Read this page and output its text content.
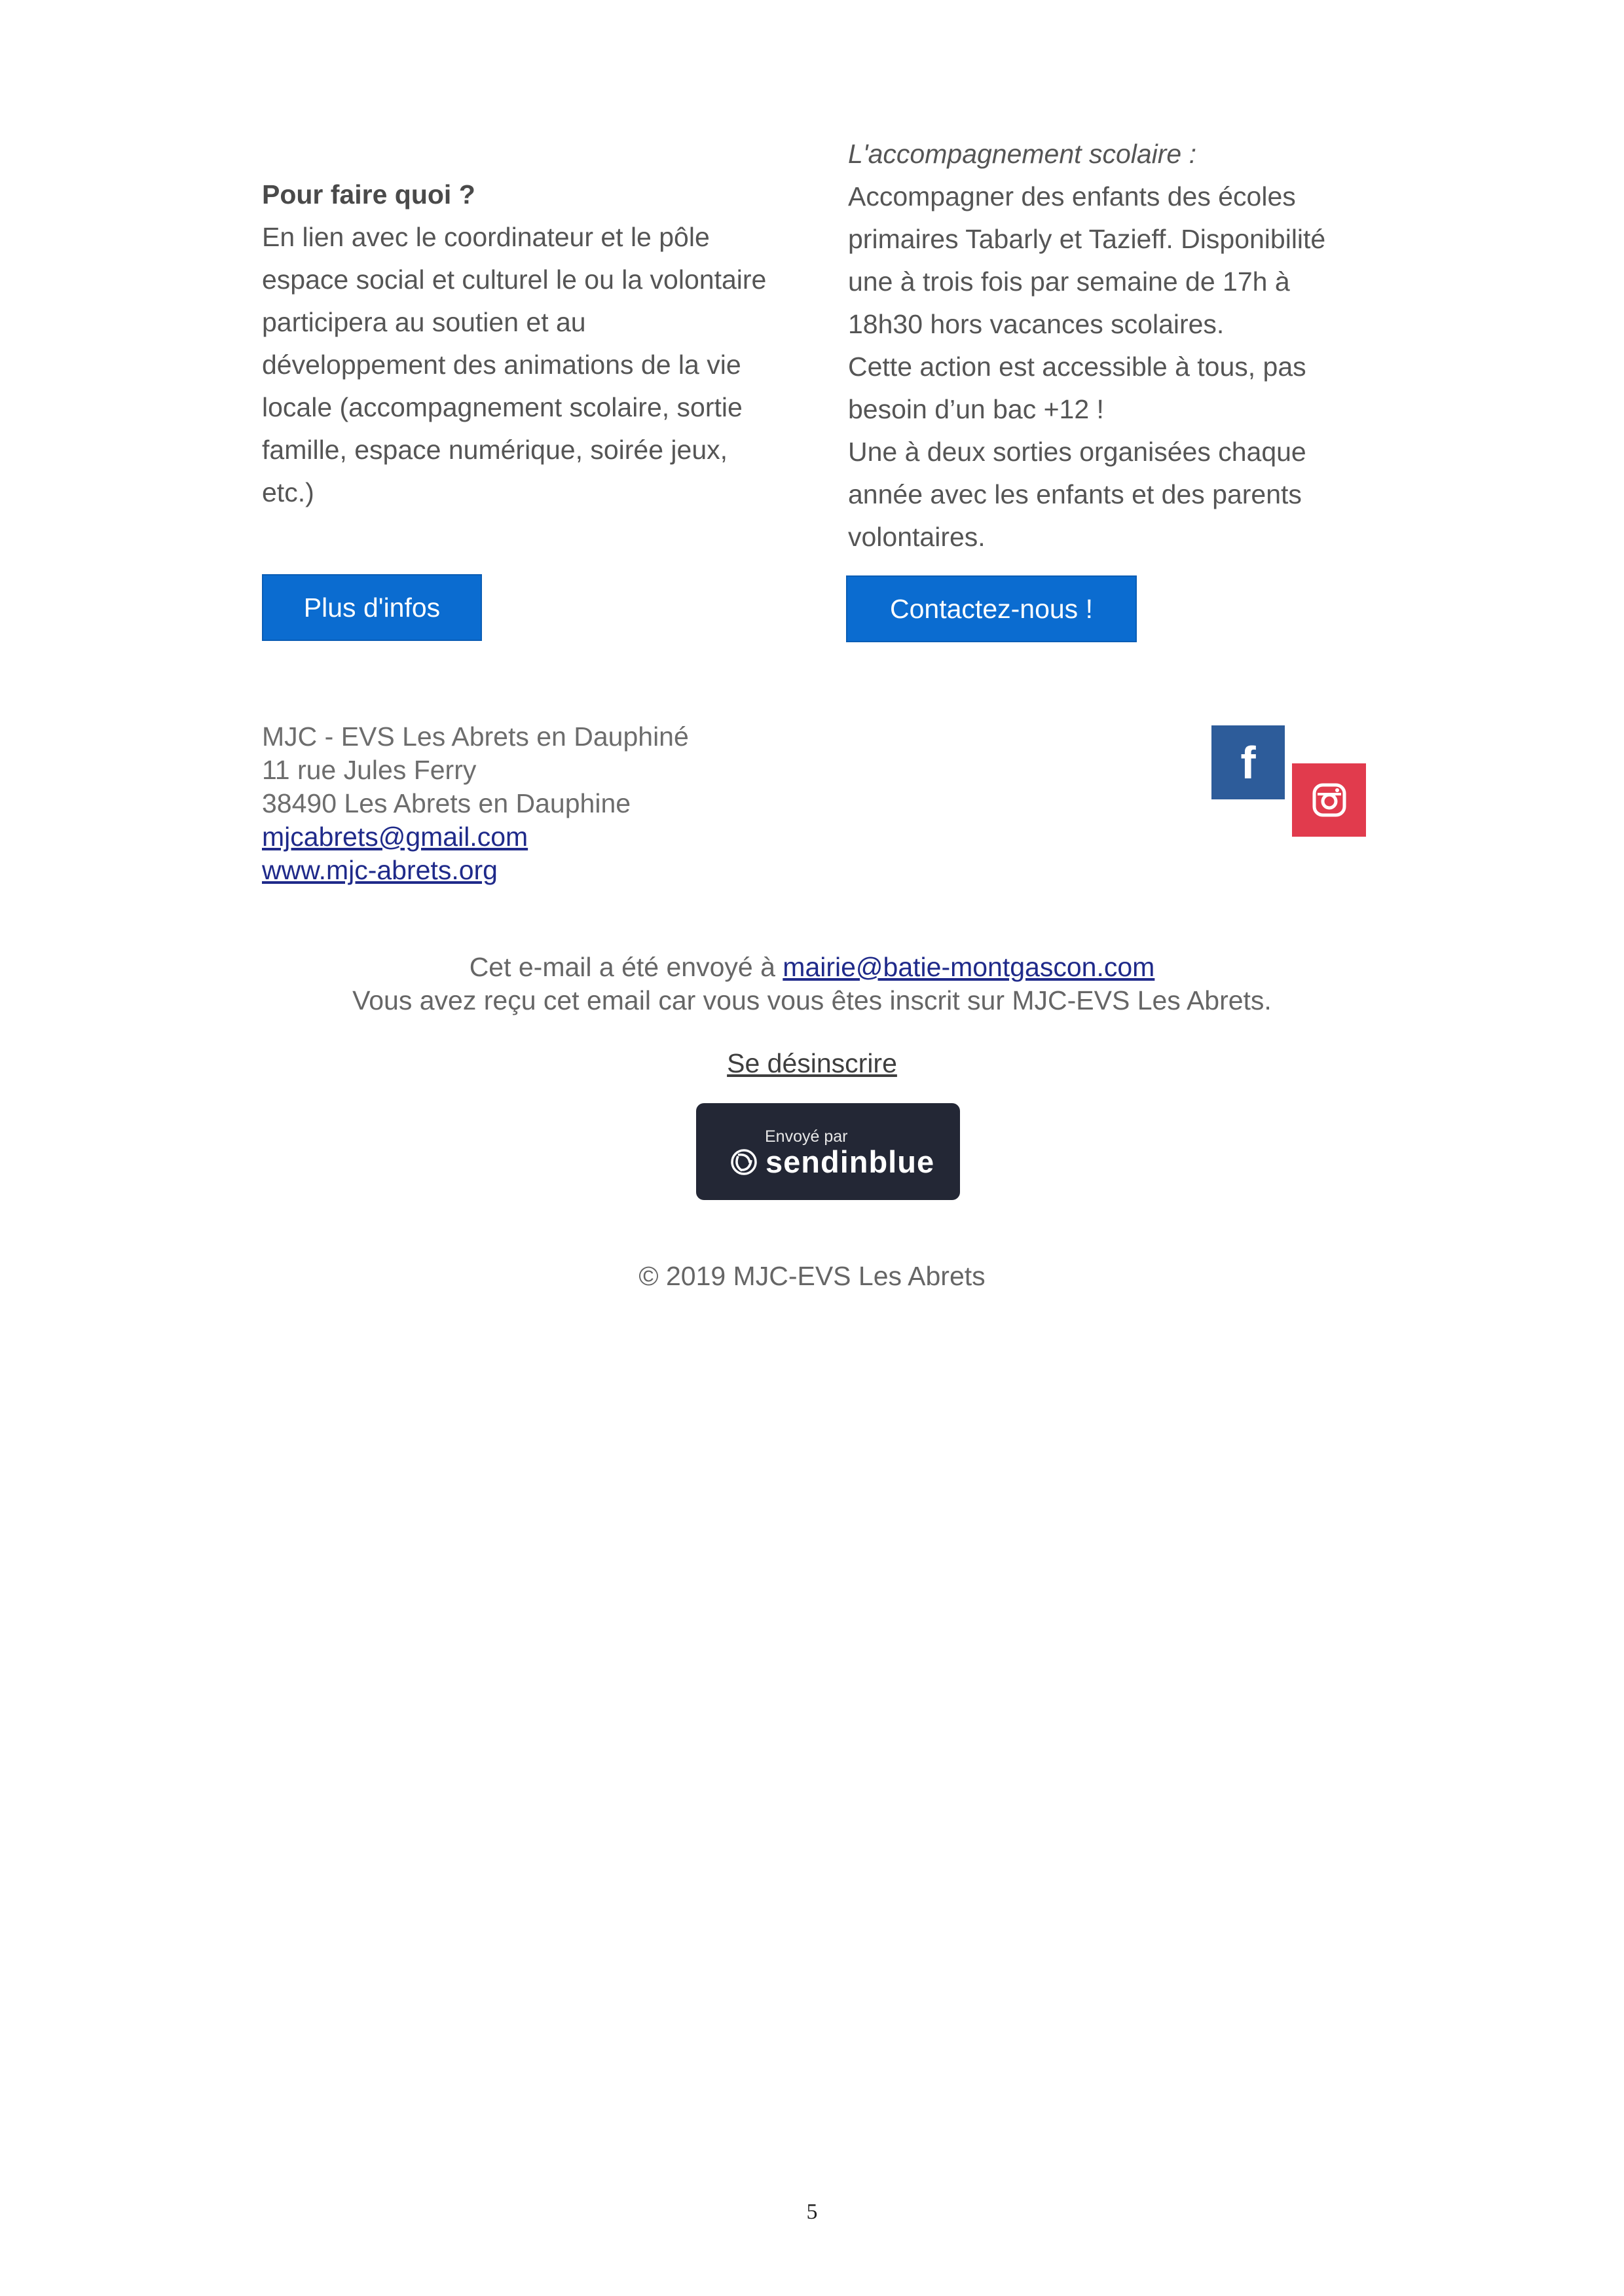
Pour faire quoi ?

En lien avec le coordinateur et le pôle

espace social et culturel le ou la volontaire

participera au soutien et au

développement des animations de la vie

locale (accompagnement scolaire, sortie

famille, espace numérique, soirée jeux,

etc.)

L'accompagnement scolaire :

Accompagner des enfants des écoles

primaires Tabarly et Tazieff. Disponibilité

une à trois fois par semaine de 17h à

18h30 hors vacances scolaires.

Cette action est accessible à tous, pas

besoin d’un bac +12 !

Une à deux sorties organisées chaque

année avec les enfants et des parents

volontaires.

Plus d'infos	Contactez-nous !
MJC - EVS Les Abrets en Dauphiné
11 rue Jules Ferry
38490 Les Abrets en Dauphine
mjcabrets@gmail.com
www.mjc-abrets.org
f
Cet e-mail a été envoyé à mairie@batie-montgascon.com
Vous avez reçu cet email car vous vous êtes inscrit sur MJC-EVS Les Abrets.
Se désinscrire
Envoyé par
sendinblue
© 2019 MJC-EVS Les Abrets
5
